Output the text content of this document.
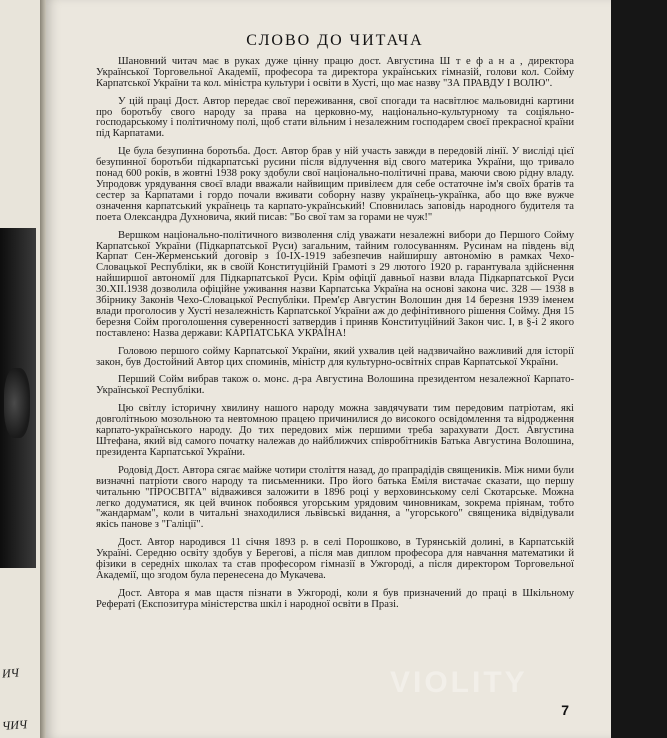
ИЧ
ЧИЧ
СЛОВО ДО ЧИТАЧА

Шановний читач має в руках дуже цінну працю дост. Августина Ш т е ф а н а , директора Української Торговельної Академії, професора та директора українських гімназій, голови кол. Сойму Карпатської України та кол. міністра культури і освіти в Хусті, що має назву "ЗА ПРАВДУ І ВОЛЮ".

У цій праці Дост. Автор передає свої переживання, свої спогади та насвітлює мальовидні картини про боротьбу свого народу за права на церковно-му, національно-культурному та соціяльно-господарському і політичному полі, щоб стати вільним і незалежним господарем своєї прекрасної країни під Карпатами.

Це була безупинна боротьба. Дост. Автор брав у ній участь завжди в передовій лінії. У висліді цієї безупинної боротьби підкарпатські русини після відлучення від свого материка України, що тривало понад 600 років, в жовтні 1938 року здобули свої національно-політичні права, маючи свою рідну владу. Упродовж урядування своєї влади вважали найвищим привілеєм для себе остаточне ім'я своїх братів та сестер за Карпатами і гордо почали вживати соборну назву українець-українка, або що вже вужче означення карпатський українець та карпато-український! Сповнилась заповідь народного будителя та поета Олександра Духновича, який писав: "Бо свої там за горами не чуж!"

Вершком національно-політичного визволення слід уважати незалежні вибори до Першого Сойму Карпатської України (Підкарпатської Руси) загальним, тайним голосуванням. Русинам на південь від Карпат Сен-Жерменський договір з 10-IX-1919 забезпечив найширшу автономію в рамках Чехо-Словацької Республіки, як в своїй Конституційній Грамоті з 29 лютого 1920 р. гарантувала здійснення найширшої автономії для Підкарпатської Руси. Крім офіції давньої назви влада Підкарпатської Руси 30.XII.1938 дозволила офіційне уживання назви Карпатська Україна на основі закона чис. 328 — 1938 в Збірнику Законів Чехо-Словацької Республіки. Прем'єр Августин Волошин дня 14 березня 1939 іменем влади проголосив у Хусті незалежність Карпатської України аж до дефінітивного рішення Сойму. Дня 15 березня Сойм проголошення суверенності затвердив і приняв Конституційний Закон чис. I, в §-і 2 якого поставлено: Назва держави: КАРПАТСЬКА УКРАЇНА!

Головою першого сойму Карпатської України, який ухвалив цей надзвичайно важливий для історії закон, був Достойний Автор цих споминів, міністр для культурно-освітніх справ Карпатської України.

Перший Сойм вибрав також о. монс. д-ра Августина Волошина президентом незалежної Карпато-Української Республіки.

Цю світлу історичну хвилину нашого народу можна завдячувати тим передовим патріотам, які довголітньою мозольною та невтомною працею причинилися до високого освідомлення та відродження карпато-українського народу. До тих передових між першими треба зарахувати Дост. Августина Штефана, який від самого початку належав до найближчих співробітників Батька Августина Волошина, президента Карпатської України.

Родовід Дост. Автора сягає майже чотири століття назад, до прапрадідів священиків. Між ними були визначні патріоти свого народу та письменники. Про його батька Еміля вистачає сказати, що першу читальню "ПРОСВІТА" відважився заложити в 1896 році у верховинському селі Скотарське. Можна легко додуматися, як цей вчинок побоявся угорським урядовим чиновникам, зокрема пріянам, тобто "жандармам", коли в читальні знаходилися львівські видання, а "угорського" священика відвідували якісь панове з "Галіції".

Дост. Автор народився 11 січня 1893 р. в селі Порошково, в Турянській долині, в Карпатській Україні. Середню освіту здобув у Берегові, а після мав диплом професора для навчання математики й фізики в середніх школах та став професором гімназії в Ужгороді, а після директором Торговельної Академії, що згодом була перенесена до Мукачева.

Дост. Автора я мав щастя пізнати в Ужгороді, коли я був призначений до праці в Шкільному Рефераті (Експозитура міністерства шкіл і народної освіти в Празі.

7
VIOLITY
